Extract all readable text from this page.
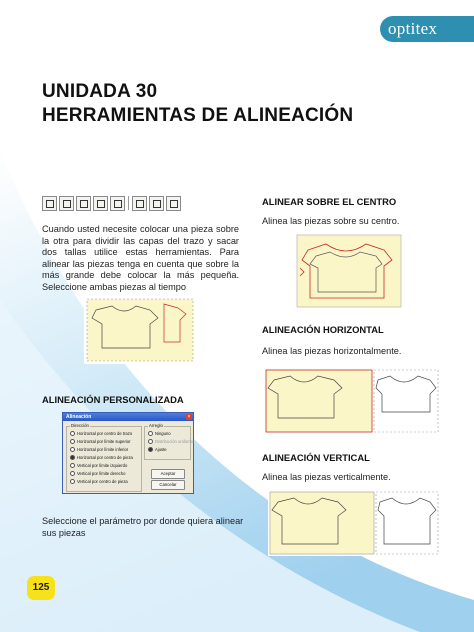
optitex
UNIDADA 30
HERRAMIENTAS DE ALINEACIÓN
Cuando usted necesite colocar una pieza sobre la otra para dividir las capas del trazo y sacar dos tallas utilice estas herramientas. Para alinear las piezas tenga en cuenta que sobre la más grande debe colocar la más pequeña. Seleccione ambas piezas al tiempo
·
ALINEAR SOBRE EL CENTRO
Alinea las piezas sobre su centro.
ALINEACIÓN HORIZONTAL
Alinea las piezas horizontalmente.
ALINEACIÓN PERSONALIZADA
Alineación	×
Dirección
Horizontal por centro de trazo
Horizontal por límite superior
Horizontal por límite inferior
Horizontal por centro de pieza
Vertical por límite izquierdo
Vertical por límite derecho
Vertical por centro de pieza
Arreglo
Ninguno
Distribución uniforme
Ajuste
Aceptar
Cancelar
ALINEACIÓN VERTICAL
Alinea las piezas verticalmente.
Seleccione el parámetro por donde quiera alinear sus piezas
125
